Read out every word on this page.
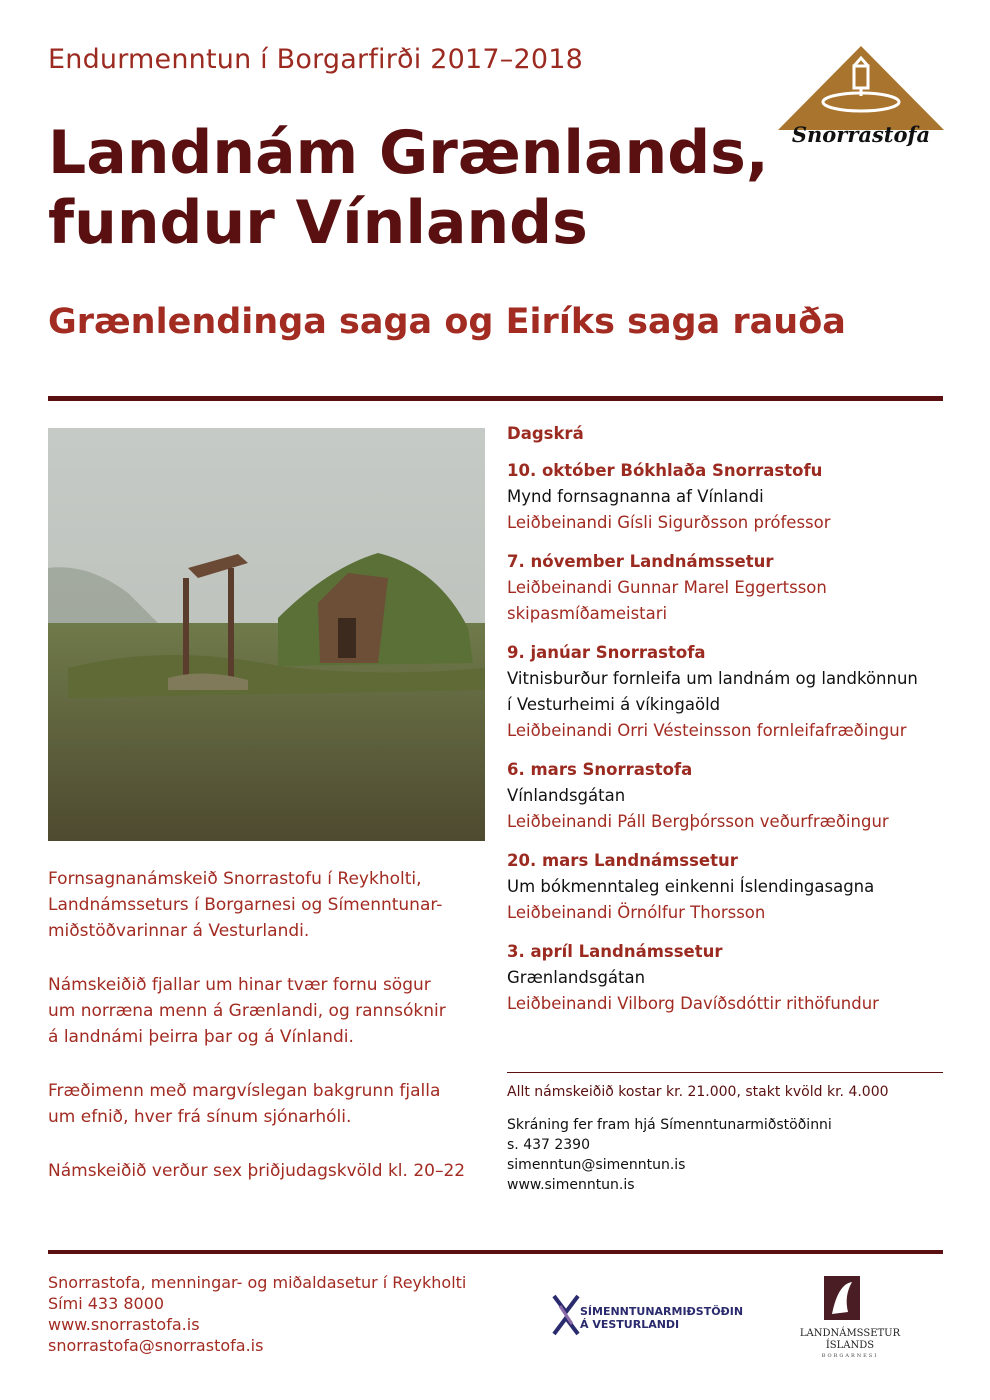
Endurmenntun í Borgarfirði 2017–2018
Landnám Grænlands,
fundur Vínlands
Grænlendinga saga og Eiríks saga rauða
Snorrastofa
Fornsagnanámskeið Snorrastofu í Reykholti,
Landnámsseturs í Borgarnesi og Símenntunar-
miðstöðvarinnar á Vesturlandi.
Námskeiðið fjallar um hinar tvær fornu sögur
um norræna menn á Grænlandi, og rannsóknir
á landnámi þeirra þar og á Vínlandi.
Fræðimenn með margvíslegan bakgrunn fjalla
um efnið, hver frá sínum sjónarhóli.
Námskeiðið verður sex þriðjudagskvöld kl. 20–22
Dagskrá
10. október Bókhlaða Snorrastofu
Mynd fornsagnanna af Vínlandi
Leiðbeinandi Gísli Sigurðsson prófessor
7. nóvember Landnámssetur
Leiðbeinandi Gunnar Marel Eggertsson
skipasmíðameistari
9. janúar Snorrastofa
Vitnisburður fornleifa um landnám og landkönnun
í Vesturheimi á víkingaöld
Leiðbeinandi Orri Vésteinsson fornleifafræðingur
6. mars Snorrastofa
Vínlandsgátan
Leiðbeinandi Páll Bergþórsson veðurfræðingur
20. mars Landnámssetur
Um bókmenntaleg einkenni Íslendingasagna
Leiðbeinandi Örnólfur Thorsson
3. apríl Landnámssetur
Grænlandsgátan
Leiðbeinandi Vilborg Davíðsdóttir rithöfundur
Allt námskeiðið kostar kr. 21.000, stakt kvöld kr. 4.000
Skráning fer fram hjá Símenntunarmiðstöðinni
s. 437 2390
simenntun@simenntun.is
www.simenntun.is
Snorrastofa, menningar- og miðaldasetur í Reykholti
Sími 433 8000
www.snorrastofa.is
snorrastofa@snorrastofa.is
SÍMENNTUNARMIÐSTÖÐIN
Á VESTURLANDI
LANDNÁMSSETUR
ÍSLANDS
BORGARNESI
